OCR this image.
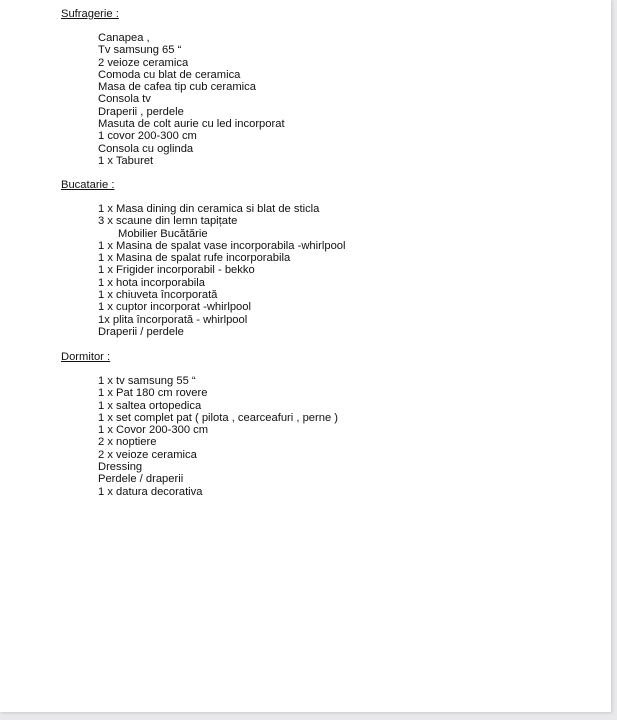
Sufragerie :
Canapea ,
Tv samsung 65 “
2 veioze ceramica
Comoda cu blat de ceramica
Masa de cafea tip cub ceramica
Consola tv
Draperii , perdele
Masuta de colt aurie cu led incorporat
1 covor 200-300 cm
Consola cu oglinda
1 x Taburet
Bucatarie :
1 x Masa dining din ceramica si blat de sticla
3 x scaune din lemn tapițate
Mobilier Bucătărie
1 x Masina de spalat vase incorporabila -whirlpool
1 x Masina de spalat rufe incorporabila
1 x Frigider incorporabil - bekko
1 x hota incorporabila
1 x chiuveta încorporată
1 x cuptor incorporat -whirlpool
1x plita încorporată - whirlpool
Draperii / perdele
Dormitor :
1 x tv samsung 55 “
1 x Pat 180 cm rovere
1 x saltea ortopedica
1 x set complet pat ( pilota , cearceafuri , perne )
1 x Covor 200-300 cm
2 x noptiere
2 x veioze ceramica
Dressing
Perdele / draperii
1 x datura decorativa
